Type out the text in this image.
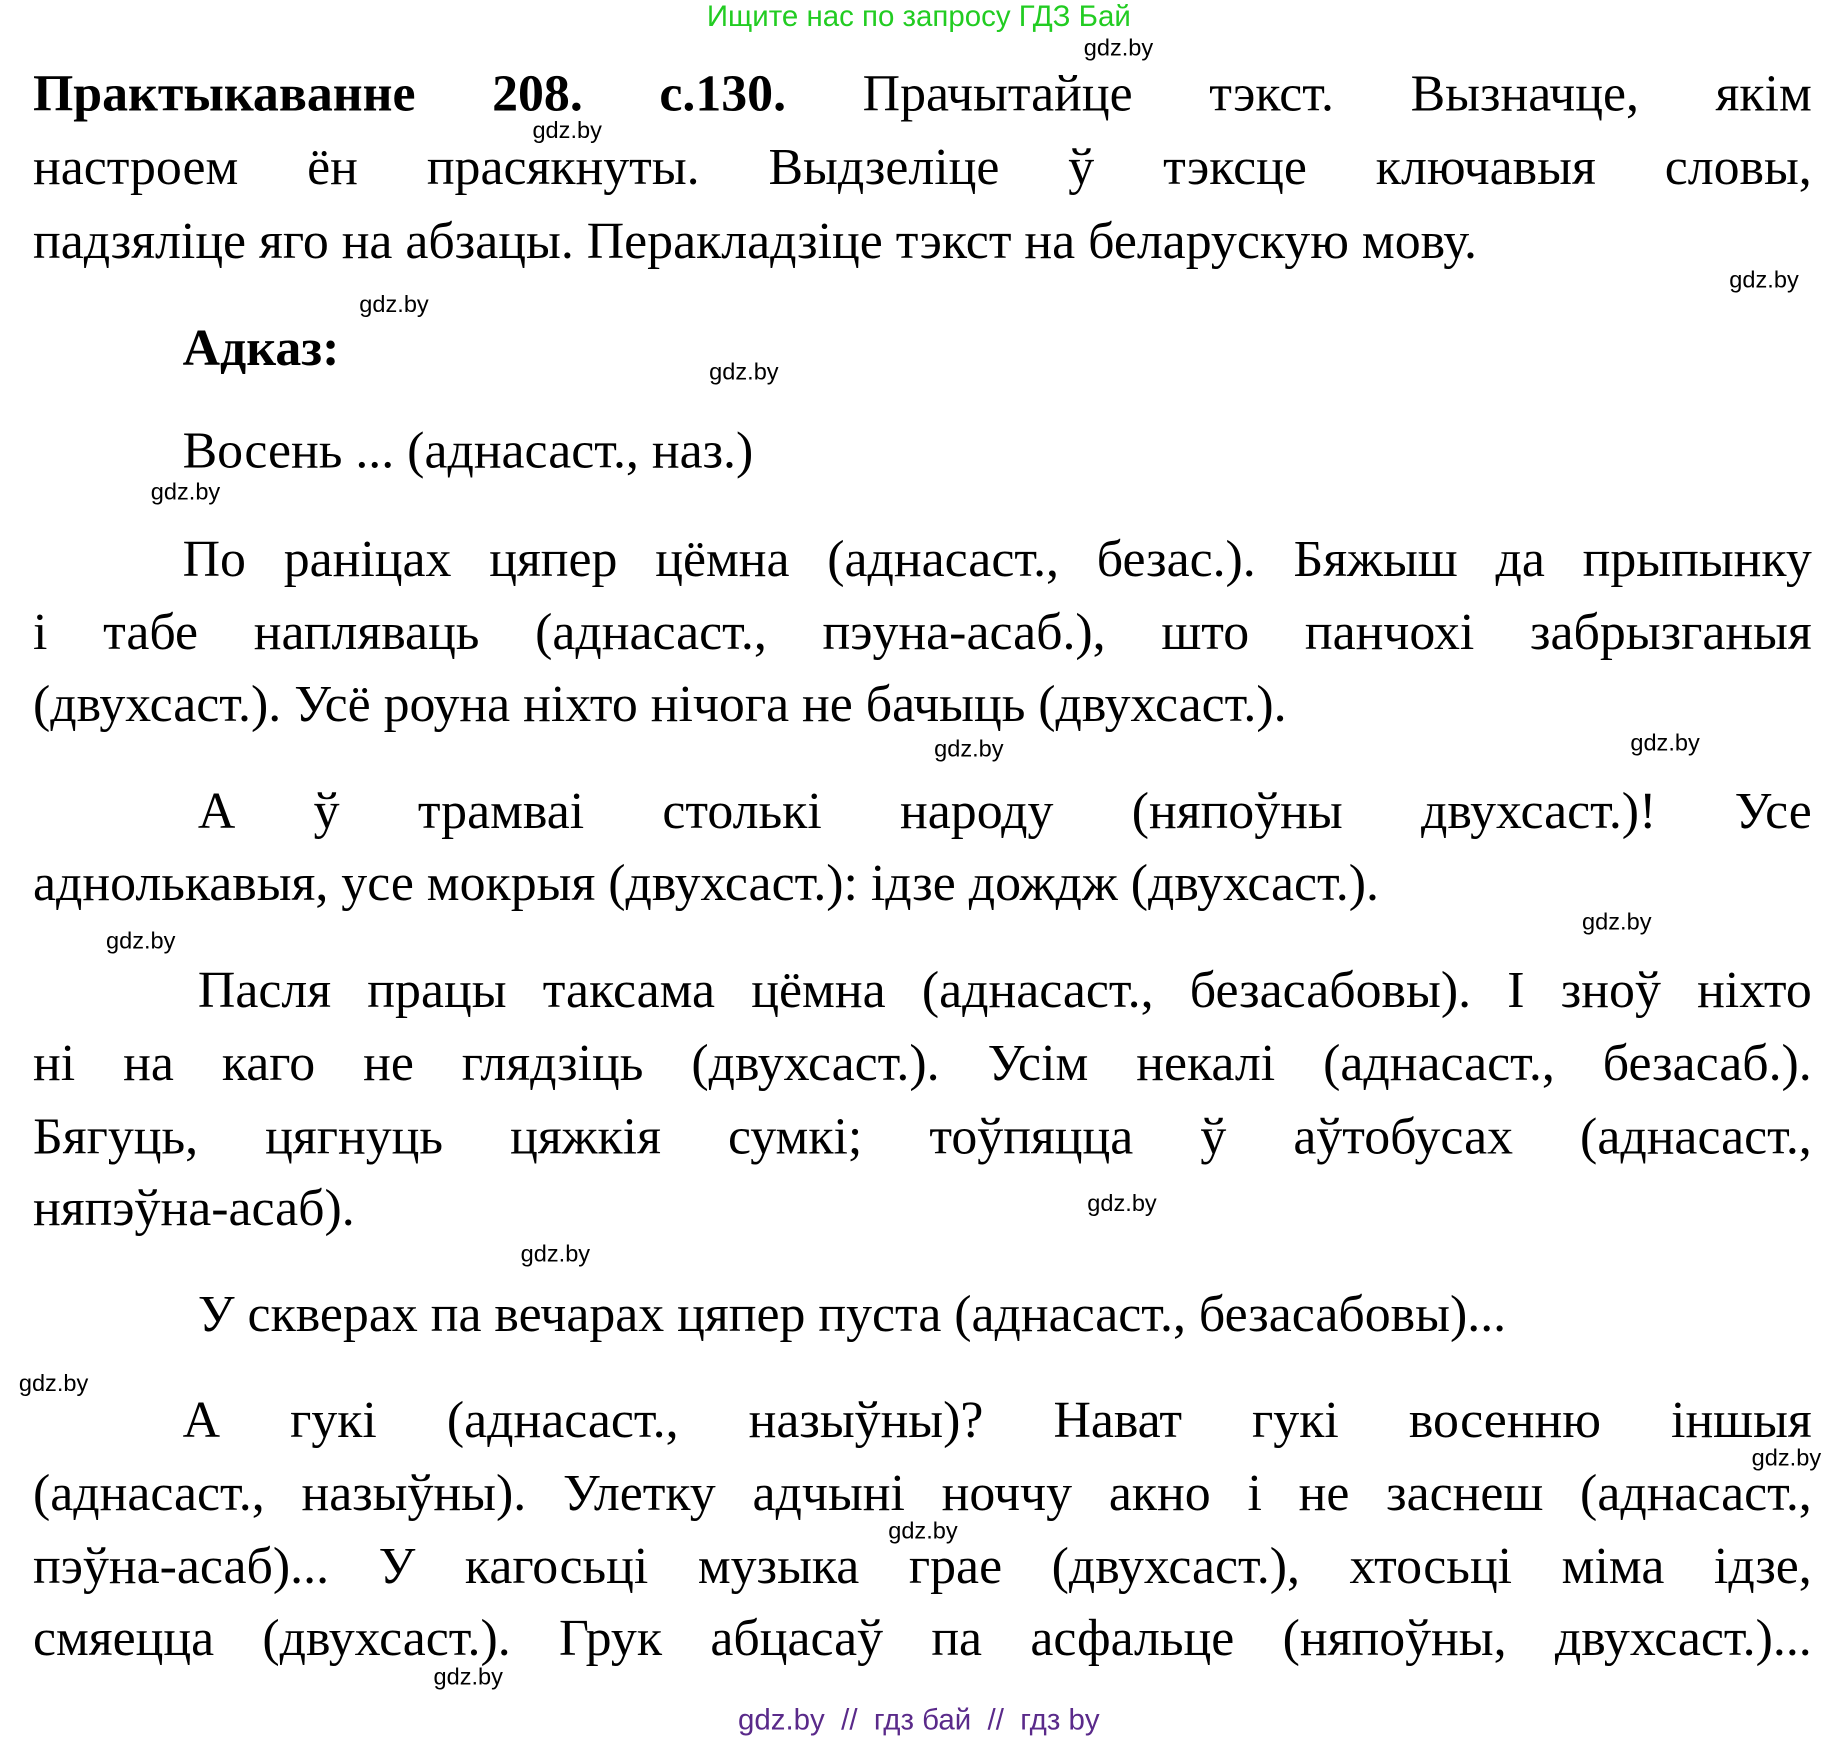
Ищите нас по запросу ГДЗ Бай
Практыкаванне 208. с.130. Прачытайце тэкст. Вызначце, якім
настроем ён прасякнуты. Выдзеліце ў тэксце ключавыя словы,
падзяліце яго на абзацы. Перакладзіце тэкст на беларускую мову.
Адказ:
Восень ... (аднасаст., наз.)
По раніцах цяпер цёмна (аднасаст., безас.). Бяжыш да прыпынку
і табе напляваць (аднасаст., пэуна-асаб.), што панчохі забрызганыя
(двухсаст.). Усё роуна ніхто нічога не бачыць (двухсаст.).
А ў трамваі столькі народу (няпоўны двухсаст.)! Усе
аднолькавыя, усе мокрыя (двухсаст.): ідзе дождж (двухсаст.).
Пасля працы таксама цёмна (аднасаст., безасабовы). І зноў ніхто
ні на каго не глядзіць (двухсаст.). Усім некалі (аднасаст., безасаб.).
Бягуць, цягнуць цяжкія сумкі; тоўпяцца ў аўтобусах (аднасаст.,
няпэўна-асаб).
У скверах па вечарах цяпер пуста (аднасаст., безасабовы)...
А гукі (аднасаст., назыўны)? Нават гукі восенню іншыя
(аднасаст., назыўны). Улетку адчыні ноччу акно і не заснеш (аднасаст.,
пэўна-асаб)... У кагосьці музыка грае (двухсаст.), хтосьці міма ідзе,
смяецца (двухсаст.). Грук абцасаў па асфальце (няпоўны, двухсаст.)...
gdz.by
gdz.by
gdz.by
gdz.by
gdz.by
gdz.by
gdz.by
gdz.by
gdz.by
gdz.by
gdz.by
gdz.by
gdz.by
gdz.by
gdz.by
gdz.by
gdz.by  //  гдз бай  //  гдз by
